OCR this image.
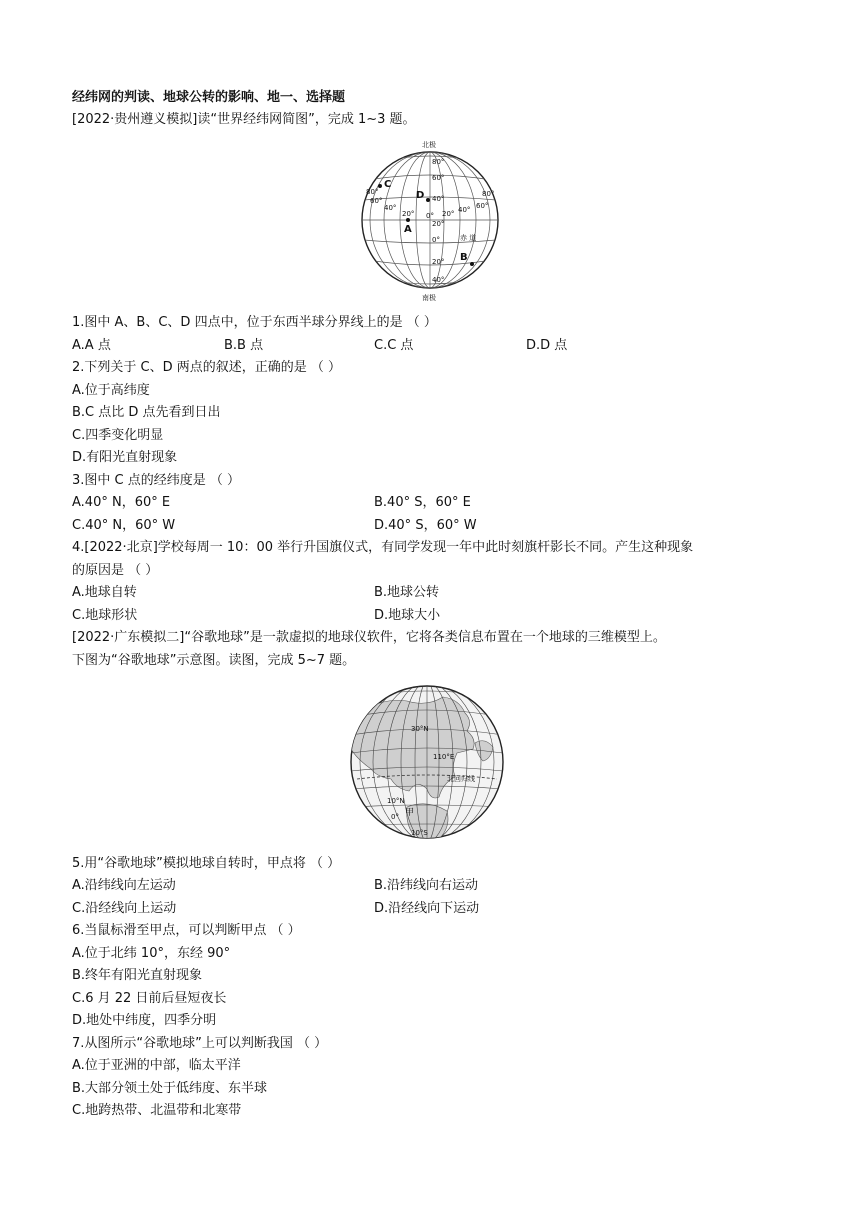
经纬网的判读、地球公转的影响、地一、选择题
[2022·贵州遵义模拟]读“世界经纬网简图”，完成 1~3 题。
北极
南极
80°
60°
40°
20°
0°
20°
40°
80°
60°
40°
20° 0° 20° 40° 60°
80°
赤 道
C
D
A
B
1.图中 A、B、C、D 四点中，位于东西半球分界线上的是 （ ）
A.A 点	B.B 点	C.C 点	D.D 点
2.下列关于 C、D 两点的叙述，正确的是 （ ）
A.位于高纬度
B.C 点比 D 点先看到日出
C.四季变化明显
D.有阳光直射现象
3.图中 C 点的经纬度是 （ ）
A.40° N，60° E	B.40° S，60° E
C.40° N，60° W	D.40° S，60° W
4.[2022·北京]学校每周一 10：00 举行升国旗仪式，有同学发现一年中此时刻旗杆影长不同。产生这种现象
的原因是 （ ）
A.地球自转	B.地球公转
C.地球形状	D.地球大小
[2022·广东模拟二]“谷歌地球”是一款虚拟的地球仪软件，它将各类信息布置在一个地球的三维模型上。
下图为“谷歌地球”示意图。读图，完成 5~7 题。
30°N
110°E
北回归线
10°N
甲
0°
10°S
5.用“谷歌地球”模拟地球自转时，甲点将 （ ）
A.沿纬线向左运动	B.沿纬线向右运动
C.沿经线向上运动	D.沿经线向下运动
6.当鼠标滑至甲点，可以判断甲点 （ ）
A.位于北纬 10°，东经 90°
B.终年有阳光直射现象
C.6 月 22 日前后昼短夜长
D.地处中纬度，四季分明
7.从图所示“谷歌地球”上可以判断我国 （ ）
A.位于亚洲的中部，临太平洋
B.大部分领土处于低纬度、东半球
C.地跨热带、北温带和北寒带
